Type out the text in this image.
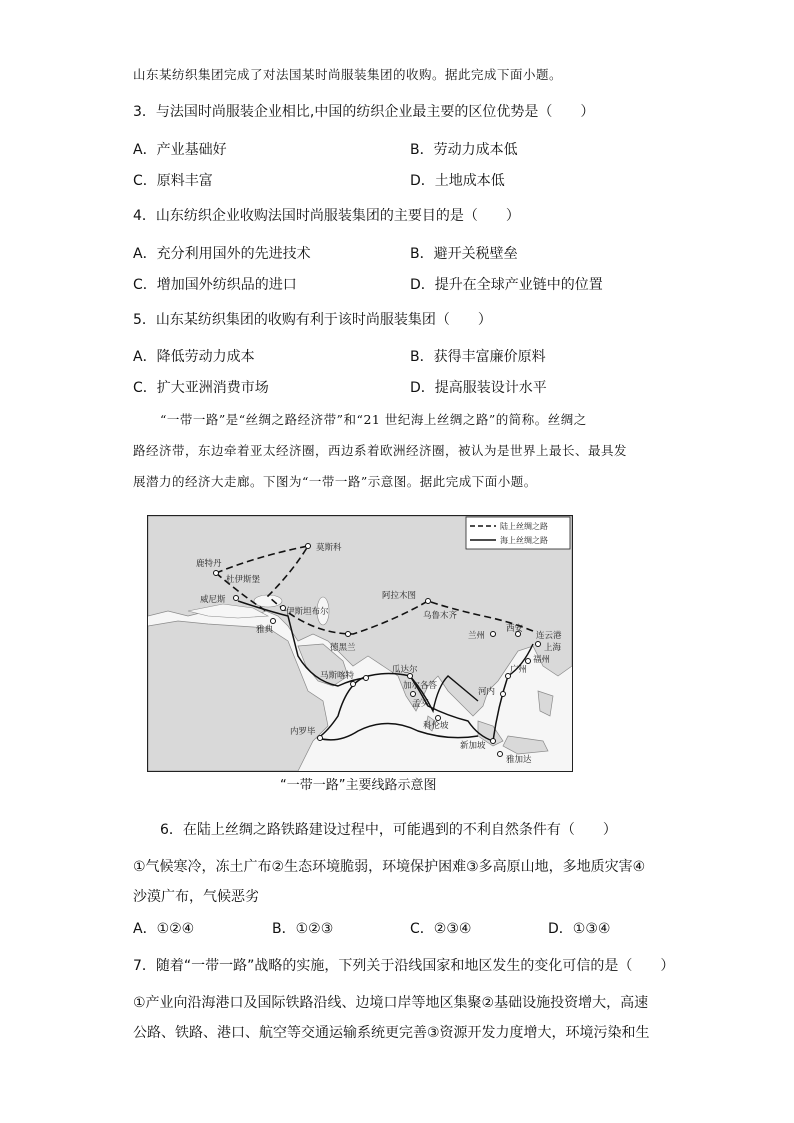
山东某纺织集团完成了对法国某时尚服装集团的收购。据此完成下面小题。
3．与法国时尚服装企业相比,中国的纺织企业最主要的区位优势是（　　）
A．产业基础好	B．劳动力成本低
C．原料丰富	D．土地成本低
4．山东纺织企业收购法国时尚服装集团的主要目的是（　　）
A．充分利用国外的先进技术	B．避开关税壁垒
C．增加国外纺织品的进口	D．提升在全球产业链中的位置
5．山东某纺织集团的收购有利于该时尚服装集团（　　）
A．降低劳动力成本	B．获得丰富廉价原料
C．扩大亚洲消费市场	D．提高服装设计水平
“一带一路”是“丝绸之路经济带”和“21 世纪海上丝绸之路”的简称。丝绸之
路经济带，东边牵着亚太经济圈，西边系着欧洲经济圈，被认为是世界上最长、最具发
展潜力的经济大走廊。下图为“一带一路”示意图。据此完成下面小题。
鹿特丹
莫斯科
杜伊斯堡
威尼斯
伊斯坦布尔
雅典
德黑兰
阿拉木图
乌鲁木齐
兰州
西安
连云港
上海
福州
广州
瓜达尔
加尔各答
马斯喀特
孟买
河内
科伦坡
内罗毕
新加坡
雅加达
陆上丝绸之路
海上丝绸之路
“一带一路”主要线路示意图
6．在陆上丝绸之路铁路建设过程中，可能遇到的不利自然条件有（　　）
①气候寒冷，冻土广布②生态环境脆弱，环境保护困难③多高原山地，多地质灾害④
沙漠广布，气候恶劣
A．①②④	B．①②③	C．②③④	D．①③④
7．随着“一带一路”战略的实施，下列关于沿线国家和地区发生的变化可信的是（　　）
①产业向沿海港口及国际铁路沿线、边境口岸等地区集聚②基础设施投资增大，高速
公路、铁路、港口、航空等交通运输系统更完善③资源开发力度增大，环境污染和生
